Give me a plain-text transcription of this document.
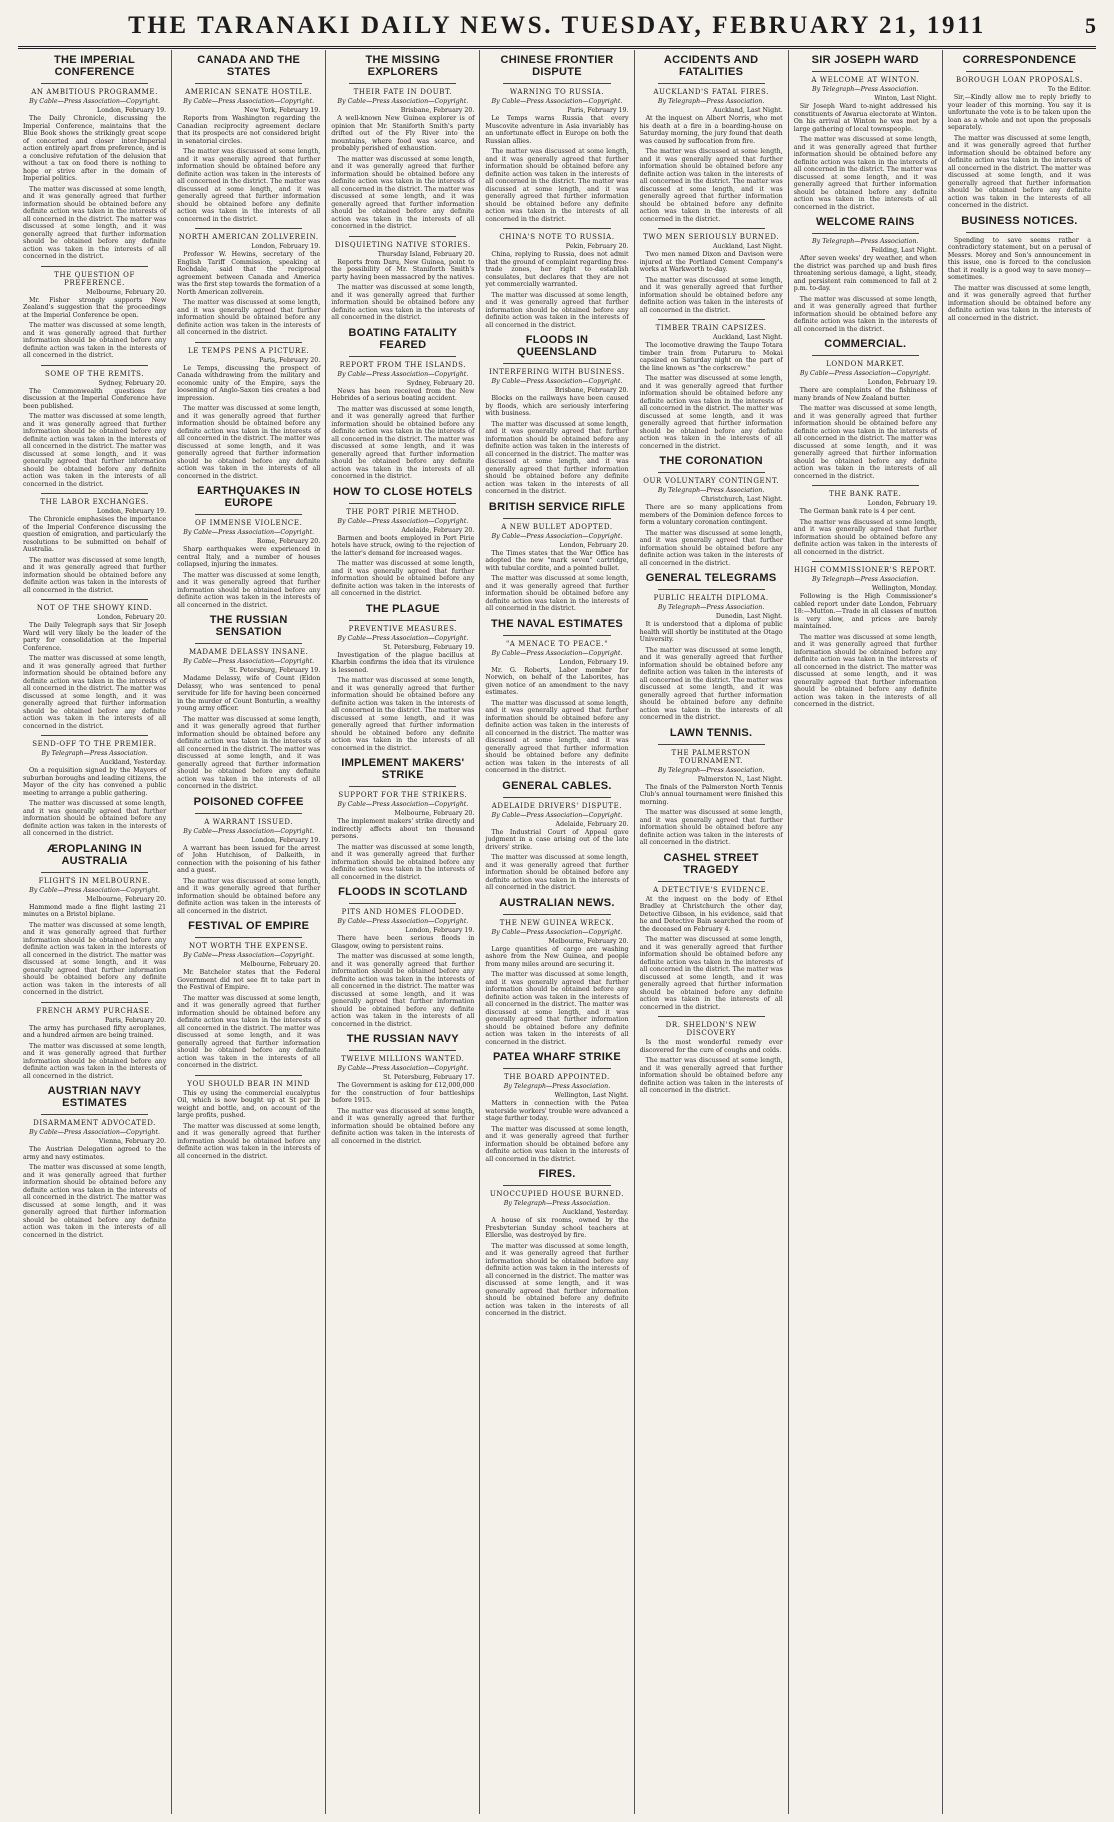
THE TARANAKI DAILY NEWS. TUESDAY, FEBRUARY 21, 1911	5
THE IMPERIAL CONFERENCE
AN AMBITIOUS PROGRAMME.
By Cable—Press Association—Copyright.
London, February 19.
The Daily Chronicle, discussing the Imperial Conference, maintains that the Blue Book shows the strikingly great scope of concerted and closer inter-Imperial action entirely apart from preference, and is a conclusive refutation of the delusion that without a tax on food there is nothing to hope or strive after in the domain of Imperial politics.
The matter was discussed at some length, and it was generally agreed that further information should be obtained before any definite action was taken in the interests of all concerned in the district. The matter was discussed at some length, and it was generally agreed that further information should be obtained before any definite action was taken in the interests of all concerned in the district.
THE QUESTION OF PREFERENCE.
Melbourne, February 20.
Mr. Fisher strongly supports New Zealand's suggestion that the proceedings at the Imperial Conference be open.
The matter was discussed at some length, and it was generally agreed that further information should be obtained before any definite action was taken in the interests of all concerned in the district.
SOME OF THE REMITS.
Sydney, February 20.
The Commonwealth questions for discussion at the Imperial Conference have been published.
The matter was discussed at some length, and it was generally agreed that further information should be obtained before any definite action was taken in the interests of all concerned in the district. The matter was discussed at some length, and it was generally agreed that further information should be obtained before any definite action was taken in the interests of all concerned in the district.
THE LABOR EXCHANGES.
London, February 19.
The Chronicle emphasises the importance of the Imperial Conference discussing the question of emigration, and particularly the resolutions to be submitted on behalf of Australia.
The matter was discussed at some length, and it was generally agreed that further information should be obtained before any definite action was taken in the interests of all concerned in the district.
NOT OF THE SHOWY KIND.
London, February 20.
The Daily Telegraph says that Sir Joseph Ward will very likely be the leader of the party for consolidation at the Imperial Conference.
The matter was discussed at some length, and it was generally agreed that further information should be obtained before any definite action was taken in the interests of all concerned in the district. The matter was discussed at some length, and it was generally agreed that further information should be obtained before any definite action was taken in the interests of all concerned in the district.
SEND-OFF TO THE PREMIER.
By Telegraph—Press Association.
Auckland, Yesterday.
On a requisition signed by the Mayors of suburban boroughs and leading citizens, the Mayor of the city has convened a public meeting to arrange a public gathering.
The matter was discussed at some length, and it was generally agreed that further information should be obtained before any definite action was taken in the interests of all concerned in the district.
ÆROPLANING IN AUSTRALIA
FLIGHTS IN MELBOURNE.
By Cable—Press Association—Copyright.
Melbourne, February 20.
Hammond made a fine flight lasting 21 minutes on a Bristol biplane.
The matter was discussed at some length, and it was generally agreed that further information should be obtained before any definite action was taken in the interests of all concerned in the district. The matter was discussed at some length, and it was generally agreed that further information should be obtained before any definite action was taken in the interests of all concerned in the district.
FRENCH ARMY PURCHASE.
Paris, February 20.
The army has purchased fifty aeroplanes, and a hundred airmen are being trained.
The matter was discussed at some length, and it was generally agreed that further information should be obtained before any definite action was taken in the interests of all concerned in the district.
AUSTRIAN NAVY ESTIMATES
DISARMAMENT ADVOCATED.
By Cable—Press Association—Copyright.
Vienna, February 20.
The Austrian Delegation agreed to the army and navy estimates.
The matter was discussed at some length, and it was generally agreed that further information should be obtained before any definite action was taken in the interests of all concerned in the district. The matter was discussed at some length, and it was generally agreed that further information should be obtained before any definite action was taken in the interests of all concerned in the district.
CANADA AND THE STATES
AMERICAN SENATE HOSTILE.
By Cable—Press Association—Copyright.
New York, February 19.
Reports from Washington regarding the Canadian reciprocity agreement declare that its prospects are not considered bright in senatorial circles.
The matter was discussed at some length, and it was generally agreed that further information should be obtained before any definite action was taken in the interests of all concerned in the district. The matter was discussed at some length, and it was generally agreed that further information should be obtained before any definite action was taken in the interests of all concerned in the district.
NORTH AMERICAN ZOLLVEREIN.
London, February 19.
Professor W. Hewins, secretary of the English Tariff Commission, speaking at Rochdale, said that the reciprocal agreement between Canada and America was the first step towards the formation of a North American zollverein.
The matter was discussed at some length, and it was generally agreed that further information should be obtained before any definite action was taken in the interests of all concerned in the district.
LE TEMPS PENS A PICTURE.
Paris, February 20.
Le Temps, discussing the prospect of Canada withdrawing from the military and economic unity of the Empire, says the loosening of Anglo-Saxon ties creates a bad impression.
The matter was discussed at some length, and it was generally agreed that further information should be obtained before any definite action was taken in the interests of all concerned in the district. The matter was discussed at some length, and it was generally agreed that further information should be obtained before any definite action was taken in the interests of all concerned in the district.
EARTHQUAKES IN EUROPE
OF IMMENSE VIOLENCE.
By Cable—Press Association—Copyright.
Rome, February 20.
Sharp earthquakes were experienced in central Italy, and a number of houses collapsed, injuring the inmates.
The matter was discussed at some length, and it was generally agreed that further information should be obtained before any definite action was taken in the interests of all concerned in the district.
THE RUSSIAN SENSATION
MADAME DELASSY INSANE.
By Cable—Press Association—Copyright.
St. Petersburg, February 19.
Madame Delassy, wife of Count (Eldon Delassy, who was sentenced to penal servitude for life for having been concerned in the murder of Count Bonturlin, a wealthy young army officer.
The matter was discussed at some length, and it was generally agreed that further information should be obtained before any definite action was taken in the interests of all concerned in the district. The matter was discussed at some length, and it was generally agreed that further information should be obtained before any definite action was taken in the interests of all concerned in the district.
POISONED COFFEE
A WARRANT ISSUED.
By Cable—Press Association—Copyright.
London, February 19.
A warrant has been issued for the arrest of John Hutchison, of Dalkeith, in connection with the poisoning of his father and a guest.
The matter was discussed at some length, and it was generally agreed that further information should be obtained before any definite action was taken in the interests of all concerned in the district.
FESTIVAL OF EMPIRE
NOT WORTH THE EXPENSE.
By Cable—Press Association—Copyright.
Melbourne, February 20.
Mr. Batchelor states that the Federal Government did not see fit to take part in the Festival of Empire.
The matter was discussed at some length, and it was generally agreed that further information should be obtained before any definite action was taken in the interests of all concerned in the district. The matter was discussed at some length, and it was generally agreed that further information should be obtained before any definite action was taken in the interests of all concerned in the district.
YOU SHOULD BEAR IN MIND
This ey using the commercial eucalyptus Oil, which is now bought up at St per lb weight and bottle, and, on account of the large profits, pushed.
The matter was discussed at some length, and it was generally agreed that further information should be obtained before any definite action was taken in the interests of all concerned in the district.
THE MISSING EXPLORERS
THEIR FATE IN DOUBT.
By Cable—Press Association—Copyright.
Brisbane, February 20.
A well-known New Guinea explorer is of opinion that Mr. Staniforth Smith's party drifted out of the Fly River into the mountains, where food was scarce, and probably perished of exhaustion.
The matter was discussed at some length, and it was generally agreed that further information should be obtained before any definite action was taken in the interests of all concerned in the district. The matter was discussed at some length, and it was generally agreed that further information should be obtained before any definite action was taken in the interests of all concerned in the district.
DISQUIETING NATIVE STORIES.
Thursday Island, February 20.
Reports from Daru, New Guinea, point to the possibility of Mr. Staniforth Smith's party having been massacred by the natives.
The matter was discussed at some length, and it was generally agreed that further information should be obtained before any definite action was taken in the interests of all concerned in the district.
BOATING FATALITY FEARED
REPORT FROM THE ISLANDS.
By Cable—Press Association—Copyright.
Sydney, February 20.
News has been received from the New Hebrides of a serious boating accident.
The matter was discussed at some length, and it was generally agreed that further information should be obtained before any definite action was taken in the interests of all concerned in the district. The matter was discussed at some length, and it was generally agreed that further information should be obtained before any definite action was taken in the interests of all concerned in the district.
HOW TO CLOSE HOTELS
THE PORT PIRIE METHOD.
By Cable—Press Association—Copyright.
Adelaide, February 20.
Barmen and boots employed in Port Pirie hotels have struck, owing to the rejection of the latter's demand for increased wages.
The matter was discussed at some length, and it was generally agreed that further information should be obtained before any definite action was taken in the interests of all concerned in the district.
THE PLAGUE
PREVENTIVE MEASURES.
By Cable—Press Association—Copyright.
St. Petersburg, February 19.
Investigation of the plague bacillus at Kharbin confirms the idea that its virulence is lessened.
The matter was discussed at some length, and it was generally agreed that further information should be obtained before any definite action was taken in the interests of all concerned in the district. The matter was discussed at some length, and it was generally agreed that further information should be obtained before any definite action was taken in the interests of all concerned in the district.
IMPLEMENT MAKERS' STRIKE
SUPPORT FOR THE STRIKERS.
By Cable—Press Association—Copyright.
Melbourne, February 20.
The implement makers' strike directly and indirectly affects about ten thousand persons.
The matter was discussed at some length, and it was generally agreed that further information should be obtained before any definite action was taken in the interests of all concerned in the district.
FLOODS IN SCOTLAND
PITS AND HOMES FLOODED.
By Cable—Press Association—Copyright.
London, February 19.
There have been serious floods in Glasgow, owing to persistent rains.
The matter was discussed at some length, and it was generally agreed that further information should be obtained before any definite action was taken in the interests of all concerned in the district. The matter was discussed at some length, and it was generally agreed that further information should be obtained before any definite action was taken in the interests of all concerned in the district.
THE RUSSIAN NAVY
TWELVE MILLIONS WANTED.
By Cable—Press Association—Copyright.
St. Petersburg, February 17.
The Government is asking for £12,000,000 for the construction of four battleships before 1915.
The matter was discussed at some length, and it was generally agreed that further information should be obtained before any definite action was taken in the interests of all concerned in the district.
CHINESE FRONTIER DISPUTE
WARNING TO RUSSIA.
By Cable—Press Association—Copyright.
Paris, February 19.
Le Temps warns Russia that every Muscovite adventure in Asia invariably has an unfortunate effect in Europe on both the Russian allies.
The matter was discussed at some length, and it was generally agreed that further information should be obtained before any definite action was taken in the interests of all concerned in the district. The matter was discussed at some length, and it was generally agreed that further information should be obtained before any definite action was taken in the interests of all concerned in the district.
CHINA'S NOTE TO RUSSIA.
Pekin, February 20.
China, replying to Russia, does not admit that the ground of complaint regarding free-trade zones, her right to establish consulates, but declares that they are not yet commercially warranted.
The matter was discussed at some length, and it was generally agreed that further information should be obtained before any definite action was taken in the interests of all concerned in the district.
FLOODS IN QUEENSLAND
INTERFERING WITH BUSINESS.
By Cable—Press Association—Copyright.
Brisbane, February 20.
Blocks on the railways have been caused by floods, which are seriously interfering with business.
The matter was discussed at some length, and it was generally agreed that further information should be obtained before any definite action was taken in the interests of all concerned in the district. The matter was discussed at some length, and it was generally agreed that further information should be obtained before any definite action was taken in the interests of all concerned in the district.
BRITISH SERVICE RIFLE
A NEW BULLET ADOPTED.
By Cable—Press Association—Copyright.
London, February 20.
The Times states that the War Office has adopted the new "mark seven" cartridge, with tubular cordite, and a pointed bullet.
The matter was discussed at some length, and it was generally agreed that further information should be obtained before any definite action was taken in the interests of all concerned in the district.
THE NAVAL ESTIMATES
"A MENACE TO PEACE."
By Cable—Press Association—Copyright.
London, February 19.
Mr. G. Roberts, Labor member for Norwich, on behalf of the Laborites, has given notice of an amendment to the navy estimates.
The matter was discussed at some length, and it was generally agreed that further information should be obtained before any definite action was taken in the interests of all concerned in the district. The matter was discussed at some length, and it was generally agreed that further information should be obtained before any definite action was taken in the interests of all concerned in the district.
GENERAL CABLES.
ADELAIDE DRIVERS' DISPUTE.
By Cable—Press Association—Copyright.
Adelaide, February 20.
The Industrial Court of Appeal gave judgment in a case arising out of the late drivers' strike.
The matter was discussed at some length, and it was generally agreed that further information should be obtained before any definite action was taken in the interests of all concerned in the district.
AUSTRALIAN NEWS.
THE NEW GUINEA WRECK.
By Cable—Press Association—Copyright.
Melbourne, February 20.
Large quantities of cargo are washing ashore from the New Guinea, and people from many miles around are securing it.
The matter was discussed at some length, and it was generally agreed that further information should be obtained before any definite action was taken in the interests of all concerned in the district. The matter was discussed at some length, and it was generally agreed that further information should be obtained before any definite action was taken in the interests of all concerned in the district.
PATEA WHARF STRIKE
THE BOARD APPOINTED.
By Telegraph—Press Association.
Wellington, Last Night.
Matters in connection with the Patea waterside workers' trouble were advanced a stage further today.
The matter was discussed at some length, and it was generally agreed that further information should be obtained before any definite action was taken in the interests of all concerned in the district.
FIRES.
UNOCCUPIED HOUSE BURNED.
By Telegraph—Press Association.
Auckland, Yesterday.
A house of six rooms, owned by the Presbyterian Sunday school teachers at Ellerslie, was destroyed by fire.
The matter was discussed at some length, and it was generally agreed that further information should be obtained before any definite action was taken in the interests of all concerned in the district. The matter was discussed at some length, and it was generally agreed that further information should be obtained before any definite action was taken in the interests of all concerned in the district.
ACCIDENTS AND FATALITIES
AUCKLAND'S FATAL FIRES.
By Telegraph—Press Association.
Auckland, Last Night.
At the inquest on Albert Norris, who met his death at a fire in a boarding-house on Saturday morning, the jury found that death was caused by suffocation from fire.
The matter was discussed at some length, and it was generally agreed that further information should be obtained before any definite action was taken in the interests of all concerned in the district. The matter was discussed at some length, and it was generally agreed that further information should be obtained before any definite action was taken in the interests of all concerned in the district.
TWO MEN SERIOUSLY BURNED.
Auckland, Last Night.
Two men named Dixon and Davison were injured at the Portland Cement Company's works at Warkworth to-day.
The matter was discussed at some length, and it was generally agreed that further information should be obtained before any definite action was taken in the interests of all concerned in the district.
TIMBER TRAIN CAPSIZES.
Auckland, Last Night.
The locomotive drawing the Taupo Totara timber train from Putaruru to Mokai capsized on Saturday night on the part of the line known as "the corkscrew."
The matter was discussed at some length, and it was generally agreed that further information should be obtained before any definite action was taken in the interests of all concerned in the district. The matter was discussed at some length, and it was generally agreed that further information should be obtained before any definite action was taken in the interests of all concerned in the district.
THE CORONATION
OUR VOLUNTARY CONTINGENT.
By Telegraph—Press Association.
Christchurch, Last Night.
There are so many applications from members of the Dominion defence forces to form a voluntary coronation contingent.
The matter was discussed at some length, and it was generally agreed that further information should be obtained before any definite action was taken in the interests of all concerned in the district.
GENERAL TELEGRAMS
PUBLIC HEALTH DIPLOMA.
By Telegraph—Press Association.
Dunedin, Last Night.
It is understood that a diploma of public health will shortly be instituted at the Otago University.
The matter was discussed at some length, and it was generally agreed that further information should be obtained before any definite action was taken in the interests of all concerned in the district. The matter was discussed at some length, and it was generally agreed that further information should be obtained before any definite action was taken in the interests of all concerned in the district.
LAWN TENNIS.
THE PALMERSTON TOURNAMENT.
By Telegraph—Press Association.
Palmerston N., Last Night.
The finals of the Palmerston North Tennis Club's annual tournament were finished this morning.
The matter was discussed at some length, and it was generally agreed that further information should be obtained before any definite action was taken in the interests of all concerned in the district.
CASHEL STREET TRAGEDY
A DETECTIVE'S EVIDENCE.
At the inquest on the body of Ethel Bradley at Christchurch the other day, Detective Gibson, in his evidence, said that he and Detective Bain searched the room of the deceased on February 4.
The matter was discussed at some length, and it was generally agreed that further information should be obtained before any definite action was taken in the interests of all concerned in the district. The matter was discussed at some length, and it was generally agreed that further information should be obtained before any definite action was taken in the interests of all concerned in the district.
DR. SHELDON'S NEW DISCOVERY
Is the most wonderful remedy ever discovered for the cure of coughs and colds.
The matter was discussed at some length, and it was generally agreed that further information should be obtained before any definite action was taken in the interests of all concerned in the district.
SIR JOSEPH WARD
A WELCOME AT WINTON.
By Telegraph—Press Association.
Winton, Last Night.
Sir Joseph Ward to-night addressed his constituents of Awarua electorate at Winton. On his arrival at Winton he was met by a large gathering of local townspeople.
The matter was discussed at some length, and it was generally agreed that further information should be obtained before any definite action was taken in the interests of all concerned in the district. The matter was discussed at some length, and it was generally agreed that further information should be obtained before any definite action was taken in the interests of all concerned in the district.
WELCOME RAINS
By Telegraph—Press Association.
Feilding, Last Night.
After seven weeks' dry weather, and when the district was parched up and bush fires threatening serious damage, a light, steady, and persistent rain commenced to fall at 2 p.m. to-day.
The matter was discussed at some length, and it was generally agreed that further information should be obtained before any definite action was taken in the interests of all concerned in the district.
COMMERCIAL.
LONDON MARKET.
By Cable—Press Association—Copyright.
London, February 19.
There are complaints of the fishiness of many brands of New Zealand butter.
The matter was discussed at some length, and it was generally agreed that further information should be obtained before any definite action was taken in the interests of all concerned in the district. The matter was discussed at some length, and it was generally agreed that further information should be obtained before any definite action was taken in the interests of all concerned in the district.
THE BANK RATE.
London, February 19.
The German bank rate is 4 per cent.
The matter was discussed at some length, and it was generally agreed that further information should be obtained before any definite action was taken in the interests of all concerned in the district.
HIGH COMMISSIONER'S REPORT.
By Telegraph—Press Association.
Wellington, Monday.
Following is the High Commissioner's cabled report under date London, February 18:—Mutton.—Trade in all classes of mutton is very slow, and prices are barely maintained.
The matter was discussed at some length, and it was generally agreed that further information should be obtained before any definite action was taken in the interests of all concerned in the district. The matter was discussed at some length, and it was generally agreed that further information should be obtained before any definite action was taken in the interests of all concerned in the district.
CORRESPONDENCE
BOROUGH LOAN PROPOSALS.
To the Editor.
Sir,—Kindly allow me to reply briefly to your leader of this morning. You say it is unfortunate the vote is to be taken upon the loan as a whole and not upon the proposals separately.
The matter was discussed at some length, and it was generally agreed that further information should be obtained before any definite action was taken in the interests of all concerned in the district. The matter was discussed at some length, and it was generally agreed that further information should be obtained before any definite action was taken in the interests of all concerned in the district.
BUSINESS NOTICES.
Spending to save seems rather a contradictory statement, but on a perusal of Messrs. Morey and Son's announcement in this issue, one is forced to the conclusion that it really is a good way to save money—sometimes.
The matter was discussed at some length, and it was generally agreed that further information should be obtained before any definite action was taken in the interests of all concerned in the district.
